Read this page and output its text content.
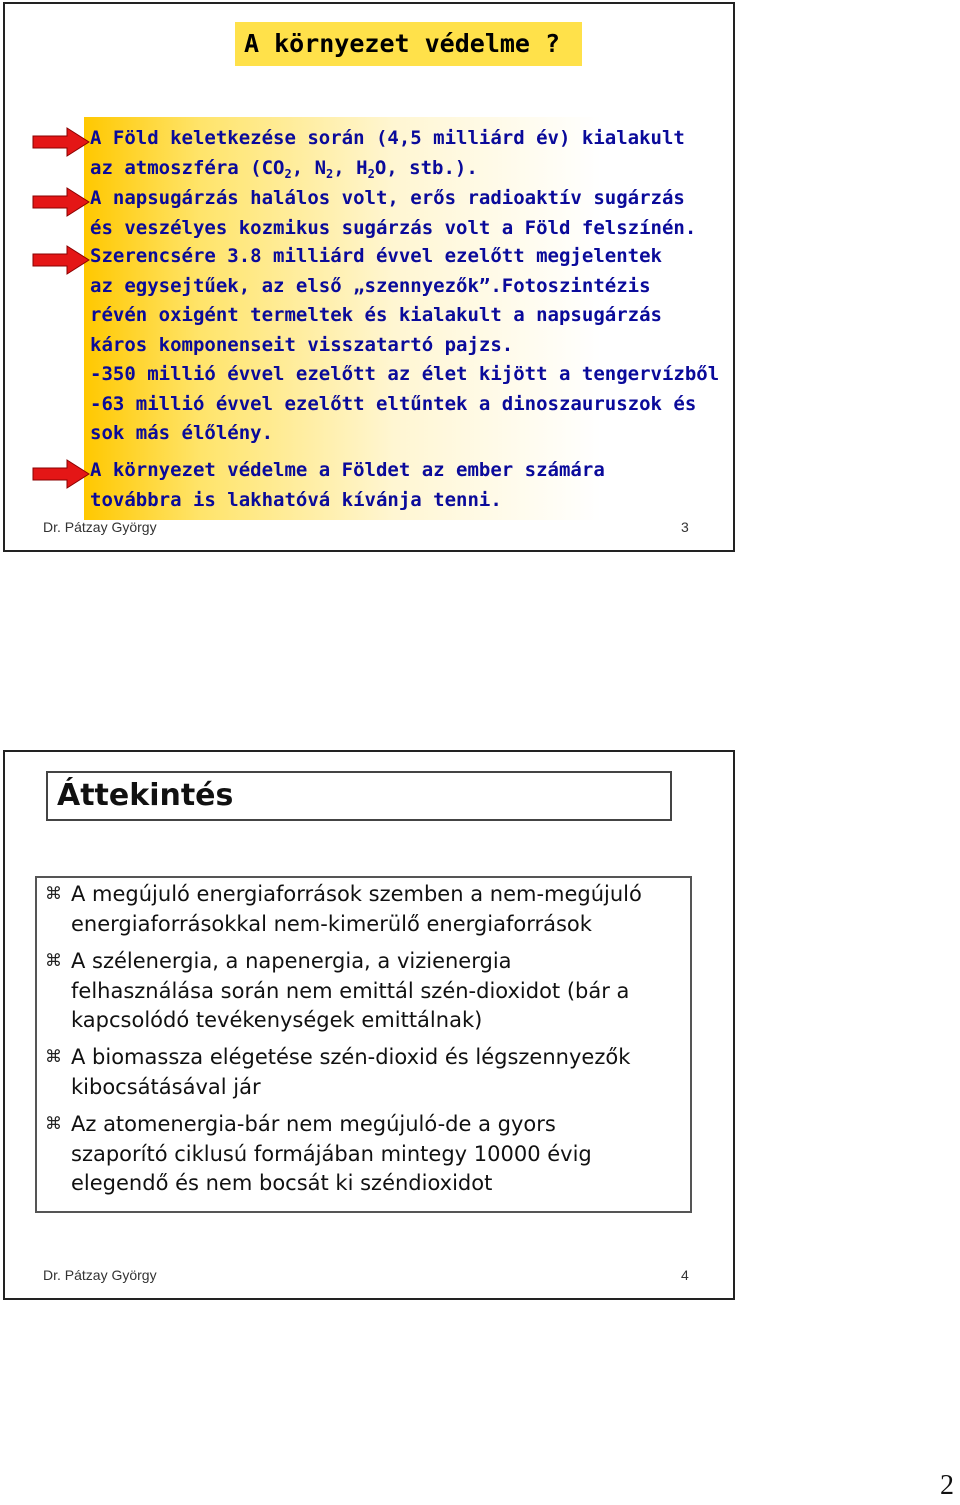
A környezet védelme ?
A Föld keletkezése során (4,5 milliárd év) kialakult
az atmoszféra ($CO_2$, $N_2$, $H_2O$, stb.).
A napsugárzás halálos volt, erős radioaktív sugárzás
és veszélyes kozmikus sugárzás volt a Föld felszínén.
Szerencsére 3.8 milliárd évvel ezelőtt megjelentek
az egysejtűek, az első „szennyezők”.Fotoszintézis
révén oxigént termeltek és kialakult a napsugárzás
káros komponenseit visszatartó pajzs.
-350 millió évvel ezelőtt az élet kijött a tengervízből
-63 millió évvel ezelőtt eltűntek a dinoszauruszok és
sok más élőlény.
A környezet védelme a Földet az ember számára
továbbra is lakhatóvá kívánja tenni.
Dr. Pátzay György	3
Áttekintés
⌘ A megújuló energiaforrások szemben a nem-megújuló
energiaforrásokkal nem-kimerülő energiaforrások
⌘ A szélenergia, a napenergia, a vizienergia
felhasználása során nem emittál szén-dioxidot (bár a
kapcsolódó tevékenységek emittálnak)
⌘ A biomassza elégetése szén-dioxid és légszennyezők
kibocsátásával jár
⌘ Az atomenergia-bár nem megújuló-de a gyors
szaporító ciklusú formájában mintegy 10000 évig
elegendő és nem bocsát ki széndioxidot
Dr. Pátzay György	4
2
